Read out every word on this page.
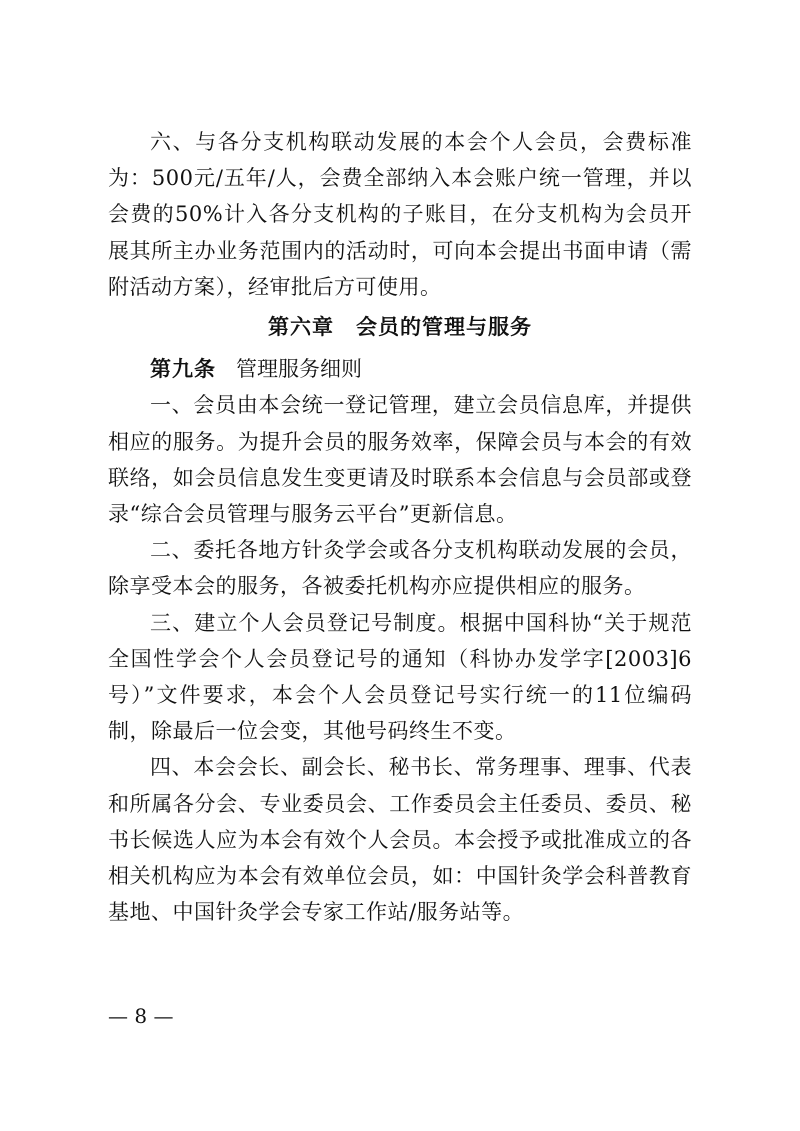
六、与各分支机构联动发展的本会个人会员，会费标准为：500元/五年/人，会费全部纳入本会账户统一管理，并以会费的50%计入各分支机构的子账目，在分支机构为会员开展其所主办业务范围内的活动时，可向本会提出书面申请（需附活动方案），经审批后方可使用。

第六章　会员的管理与服务

第九条 管理服务细则

一、会员由本会统一登记管理，建立会员信息库，并提供相应的服务。为提升会员的服务效率，保障会员与本会的有效联络，如会员信息发生变更请及时联系本会信息与会员部或登录“综合会员管理与服务云平台”更新信息。

二、委托各地方针灸学会或各分支机构联动发展的会员，除享受本会的服务，各被委托机构亦应提供相应的服务。

三、建立个人会员登记号制度。根据中国科协“关于规范全国性学会个人会员登记号的通知（科协办发学字[2003]6号）”文件要求，本会个人会员登记号实行统一的11位编码制，除最后一位会变，其他号码终生不变。

四、本会会长、副会长、秘书长、常务理事、理事、代表和所属各分会、专业委员会、工作委员会主任委员、委员、秘书长候选人应为本会有效个人会员。本会授予或批准成立的各相关机构应为本会有效单位会员，如：中国针灸学会科普教育基地、中国针灸学会专家工作站/服务站等。

— 8 —
